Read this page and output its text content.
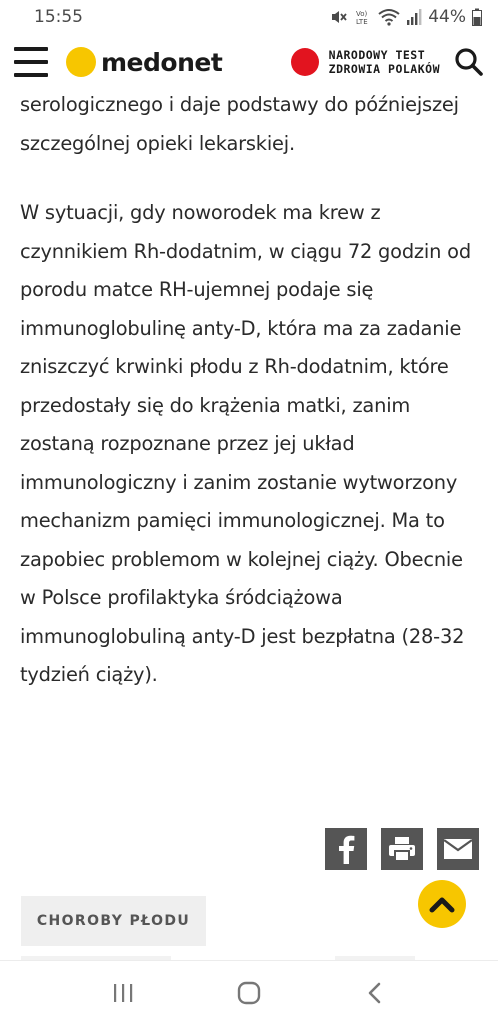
15:55	Vo)
LTE	44%
medonet	NARODOWY TEST
ZDROWIA POLAKÓW

serologicznego i daje podstawy do późniejszej szczególnej opieki lekarskiej.

W sytuacji, gdy noworodek ma krew z czynnikiem Rh-dodatnim, w ciągu 72 godzin od porodu matce RH-ujemnej podaje się immunoglobulinę anty-D, która ma za zadanie zniszczyć krwinki płodu z Rh-dodatnim, które przedostały się do krążenia matki, zanim zostaną rozpoznane przez jej układ immunologiczny i zanim zostanie wytworzony mechanizm pamięci immunologicznej. Ma to zapobiec problemom w kolejnej ciąży. Obecnie w Polsce profilaktyka śródciążowa immunoglobuliną anty-D jest bezpłatna (28-32 tydzień ciąży).

CHOROBY PŁODU
